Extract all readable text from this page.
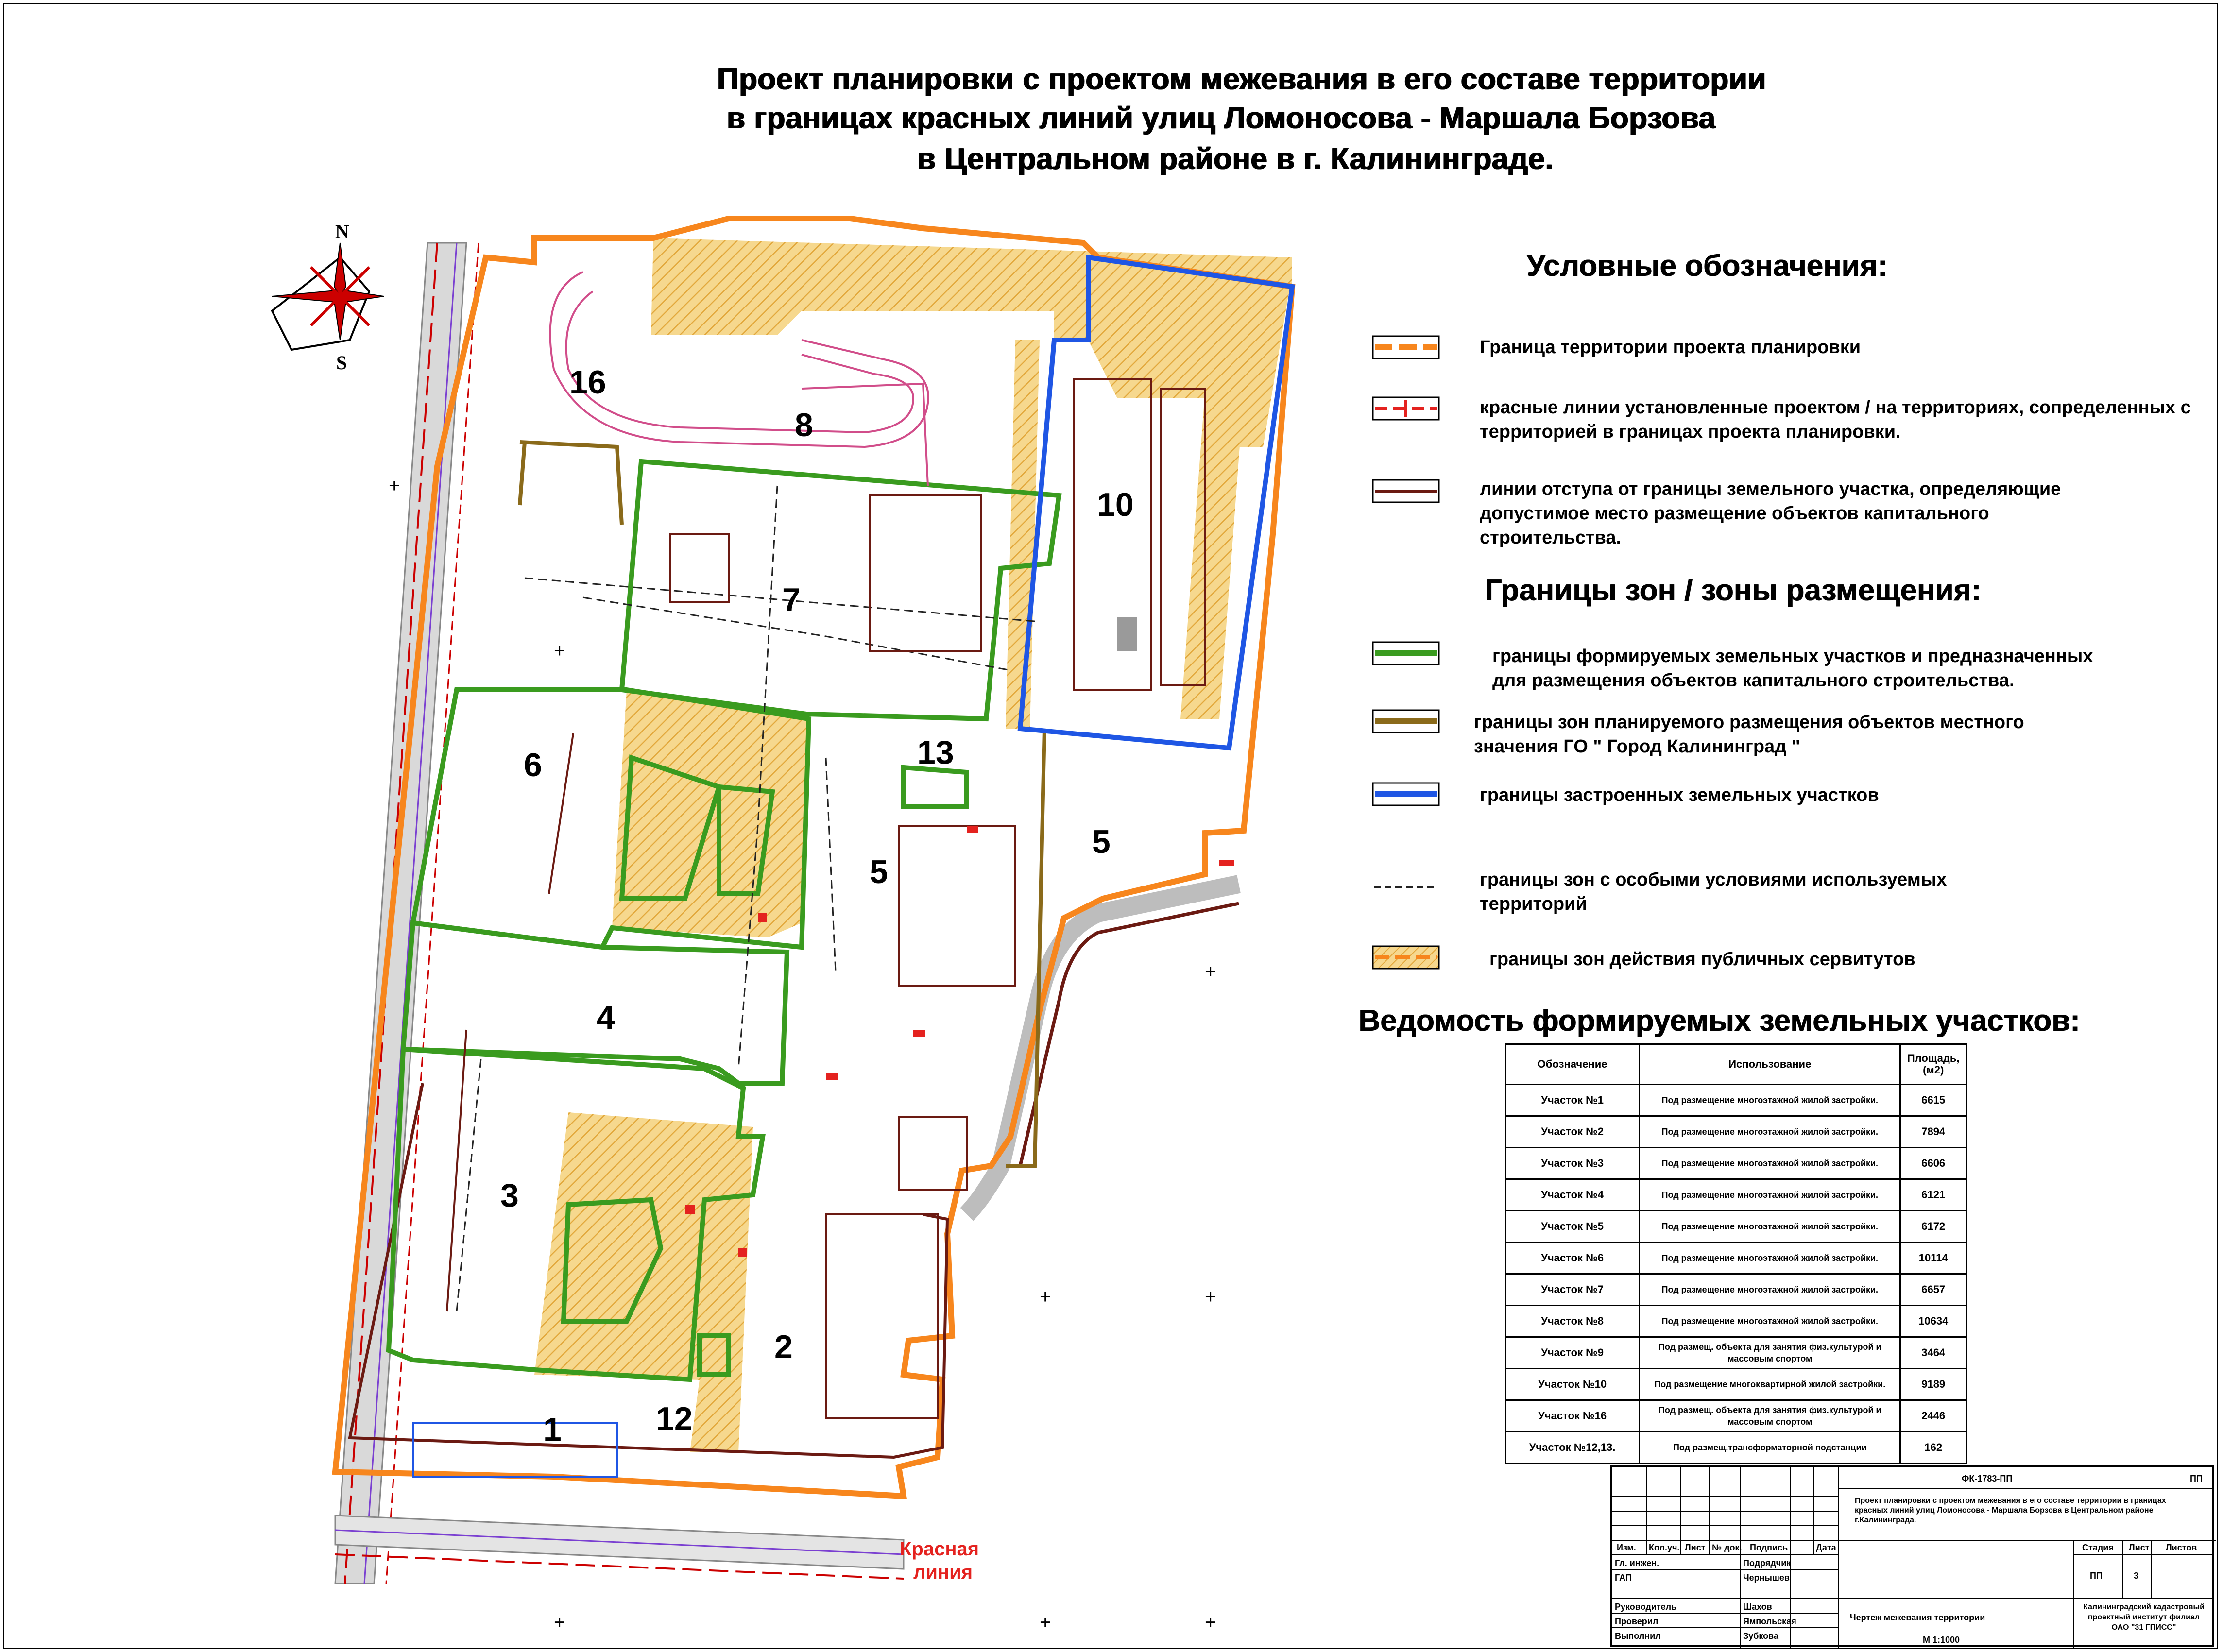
Проект планировки с проектом межевания в его составе территории
в границах красных линий улиц Ломоносова - Маршала Борзова
в Центральном районе в г. Калининграде.
N
S
16
8
10
7
6	13
5
5
4
3
2
12
1
Красная
линия
+
+
+
+
+
+
+	+
Условные обозначения:
Граница территории проекта планировки
красные линии установленные проектом / на территориях, сопределенных с территорией в границах проекта планировки.
линии отступа от границы земельного участка, определяющие допустимое место размещение объектов капитального строительства.
Границы зон / зоны размещения:
границы формируемых земельных участков и предназначенных для размещения объектов капитального строительства.
границы зон планируемого размещения объектов местного значения ГО " Город Калининград "
границы застроенных земельных участков
границы зон с особыми условиями используемых территорий
границы зон действия публичных сервитутов
Ведомость формируемых земельных участков:
Обозначение	Использование	Площадь, (м2)
Участок №1	Под размещение многоэтажной жилой застройки.	6615
Участок №2	Под размещение многоэтажной жилой застройки.	7894
Участок №3	Под размещение многоэтажной жилой застройки.	6606
Участок №4	Под размещение многоэтажной жилой застройки.	6121
Участок №5	Под размещение многоэтажной жилой застройки.	6172
Участок №6	Под размещение многоэтажной жилой застройки.	10114
Участок №7	Под размещение многоэтажной жилой застройки.	6657
Участок №8	Под размещение многоэтажной жилой застройки.	10634
Участок №9	Под размещ. объекта для занятия физ.культурой и массовым спортом	3464
Участок №10	Под размещение многоквартирной жилой застройки.	9189
Участок №16	Под размещ. объекта для занятия физ.культурой и массовым спортом	2446
Участок №12,13.	Под размещ.трансформаторной подстанции	162
ФК-1783-ПП	ПП
Проект планировки с проектом межевания в его составе территории в границах красных линий улиц Ломоносова - Маршала Борзова в Центральном районе г.Калининграда.
Изм. Кол.уч. Лист № док. Подпись	Дата	Стадия Лист Листов
ПП	3
Гл. инжен.	Подрядчик
ГАП	Чернышев
Руководитель	Шахов
Проверил	Ямпольская
Выполнил	Зубкова
Чертеж межевания территории
М 1:1000
Калининградский кадастровый проектный институт филиал ОАО "31 ГПИСС"
